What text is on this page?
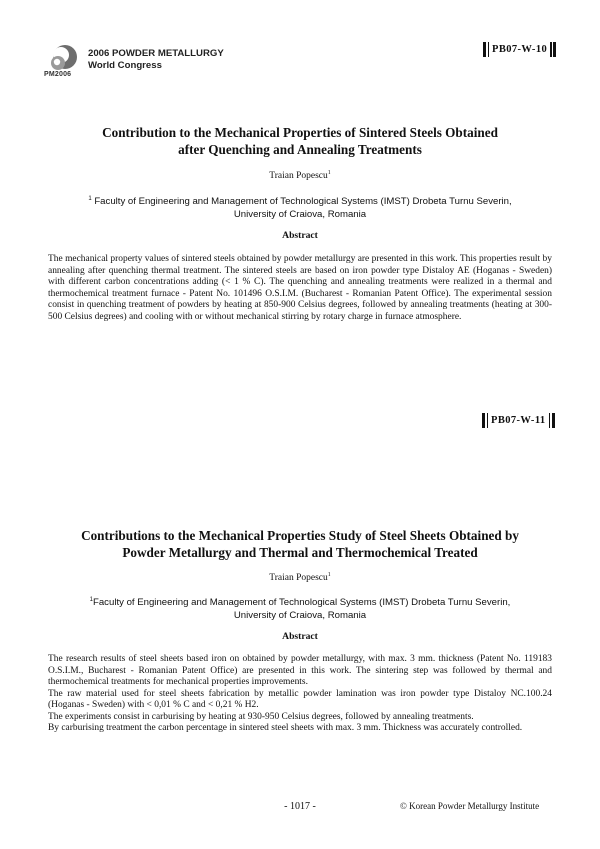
PM2006
2006 POWDER METALLURGY
World Congress
PB07-W-10
Contribution to the Mechanical Properties of Sintered Steels Obtained
after Quenching and Annealing Treatments
Traian Popescu$^1$
$^1$ Faculty of Engineering and Management of Technological Systems (IMST) Drobeta Turnu Severin,
University of Craiova, Romania
Abstract

The mechanical property values of sintered steels obtained by powder metallurgy are presented in this work. This properties result by annealing after quenching thermal treatment. The sintered steels are based on iron powder type Distaloy AE (Hoganas - Sweden) with different carbon concentrations adding (< 1 % C). The quenching and annealing treatments were realized in a thermal and thermochemical treatment furnace - Patent No. 101496 O.S.I.M. (Bucharest - Romanian Patent Office). The experimental session consist in quenching treatment of powders by heating at 850-900 Celsius degrees, followed by annealing treatments (heating at 300-500 Celsius degrees) and cooling with or without mechanical stirring by rotary charge in furnace atmosphere.

PB07-W-11
Contributions to the Mechanical Properties Study of Steel Sheets Obtained by
Powder Metallurgy and Thermal and Thermochemical Treated
Traian Popescu$^1$
$^1$Faculty of Engineering and Management of Technological Systems (IMST) Drobeta Turnu Severin,
University of Craiova, Romania
Abstract

The research results of steel sheets based iron on obtained by powder metallurgy, with max. 3 mm. thickness (Patent No. 119183 O.S.I.M., Bucharest - Romanian Patent Office) are presented in this work. The sintering step was followed by thermal and thermochemical treatments for mechanical properties improvements.

The raw material used for steel sheets fabrication by metallic powder lamination was iron powder type Distaloy NC.100.24 (Hoganas - Sweden) with < 0,01 % C and < 0,21 % H2.

The experiments consist in carburising by heating at 930-950 Celsius degrees, followed by annealing treatments.

By carburising treatment the carbon percentage in sintered steel sheets with max. 3 mm. Thickness was accurately controlled.

- 1017 -	© Korean Powder Metallurgy Institute
